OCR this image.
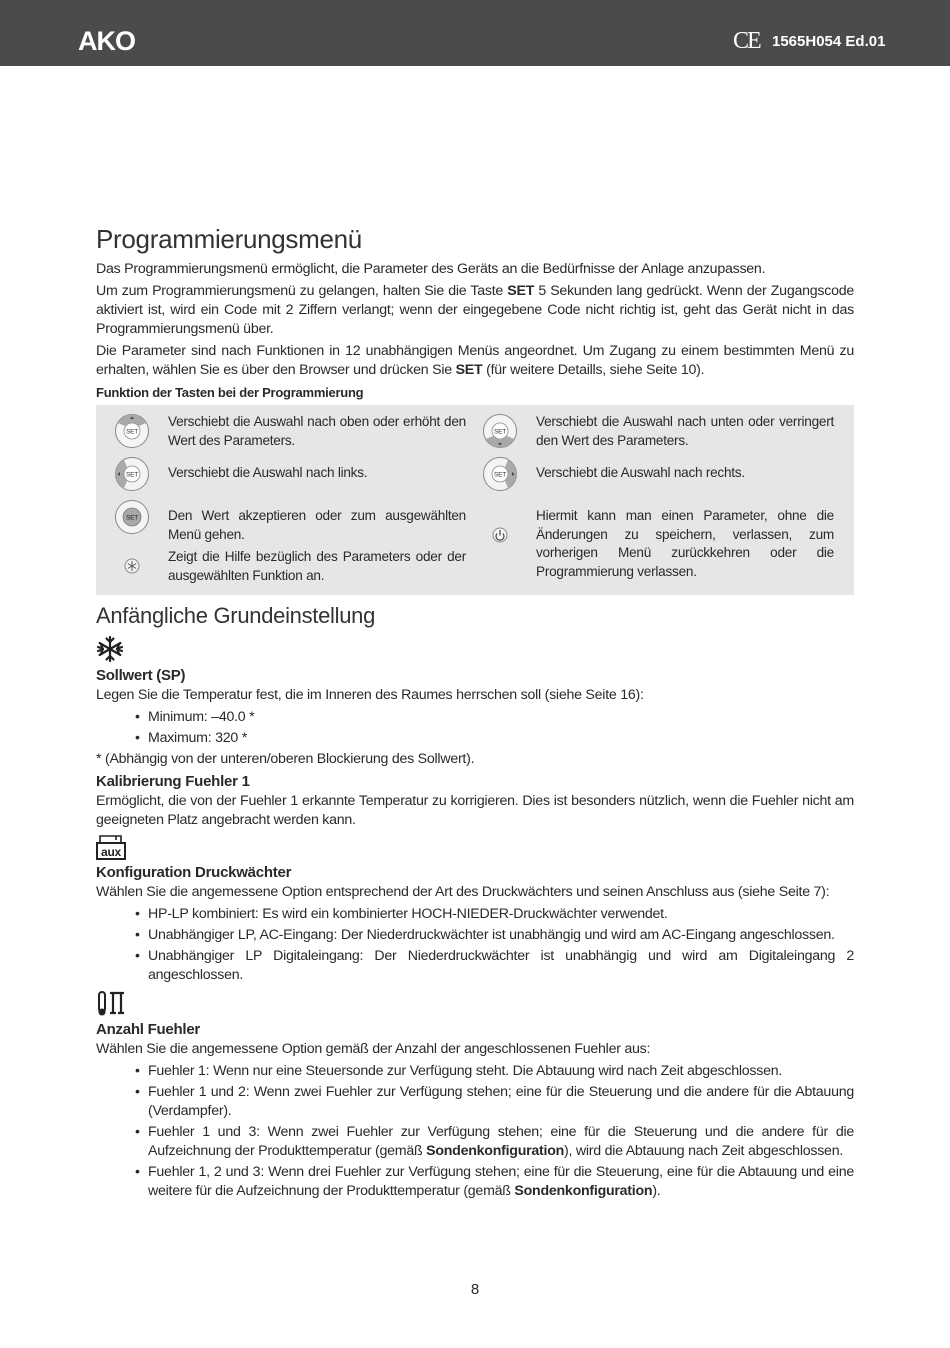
AKO	CE 1565H054 Ed.01
Programmierungsmenü

Das Programmierungsmenü ermöglicht, die Parameter des Geräts an die Bedürfnisse der Anlage anzupassen.

Um zum Programmierungsmenü zu gelangen, halten Sie die Taste SET 5 Sekunden lang gedrückt. Wenn der Zugangscode aktiviert ist, wird ein Code mit 2 Ziffern verlangt; wenn der eingegebene Code nicht richtig ist, geht das Gerät nicht in das Programmierungsmenü über.

Die Parameter sind nach Funktionen in 12 unabhängigen Menüs angeordnet. Um Zugang zu einem bestimmten Menü zu erhalten, wählen Sie es über den Browser und drücken Sie SET (für weitere Detaills, siehe Seite 10).

Funktion der Tasten bei der Programmierung
SET
Verschiebt die Auswahl nach oben oder erhöht den Wert des Parameters.
SET
Verschiebt die Auswahl nach unten oder verringert den Wert des Parameters.
SET Verschiebt die Auswahl nach links.	SET Verschiebt die Auswahl nach rechts.
SET Den Wert akzeptieren oder zum ausgewählten Menü gehen.
Zeigt die Hilfe bezüglich des Parameters oder der ausgewählten Funktion an.
Hiermit kann man einen Parameter, ohne die Änderungen zu speichern, verlassen, zum vorherigen Menü zurückkehren oder die Programmierung verlassen.
Anfängliche Grundeinstellung
Sollwert (SP)

Legen Sie die Temperatur fest, die im Inneren des Raumes herrschen soll (siehe Seite 16):

• Minimum: –40.0 *
• Maximum: 320 *

* (Abhängig von der unteren/oberen Blockierung des Sollwert).

Kalibrierung Fuehler 1

Ermöglicht, die von der Fuehler 1 erkannte Temperatur zu korrigieren. Dies ist besonders nützlich, wenn die Fuehler nicht am geeigneten Platz angebracht werden kann.

aux
Konfiguration Druckwächter

Wählen Sie die angemessene Option entsprechend der Art des Druckwächters und seinen Anschluss aus (siehe Seite 7):

• HP-LP kombiniert: Es wird ein kombinierter HOCH-NIEDER-Druckwächter verwendet.
• Unabhängiger LP, AC-Eingang: Der Niederdruckwächter ist unabhängig und wird am AC-Eingang angeschlossen.
• Unabhängiger LP Digitaleingang: Der Niederdruckwächter ist unabhängig und wird am Digitaleingang 2 angeschlossen.
Anzahl Fuehler

Wählen Sie die angemessene Option gemäß der Anzahl der angeschlossenen Fuehler aus:

• Fuehler 1: Wenn nur eine Steuersonde zur Verfügung steht. Die Abtauung wird nach Zeit abgeschlossen.
• Fuehler 1 und 2: Wenn zwei Fuehler zur Verfügung stehen; eine für die Steuerung und die andere für die Abtauung (Verdampfer).
• Fuehler 1 und 3: Wenn zwei Fuehler zur Verfügung stehen; eine für die Steuerung und die andere für die Aufzeichnung der Produkttemperatur (gemäß Sondenkonfiguration), wird die Abtauung nach Zeit abgeschlossen.
• Fuehler 1, 2 und 3: Wenn drei Fuehler zur Verfügung stehen; eine für die Steuerung, eine für die Abtauung und eine weitere für die Aufzeichnung der Produkttemperatur (gemäß Sondenkonfiguration).
8
